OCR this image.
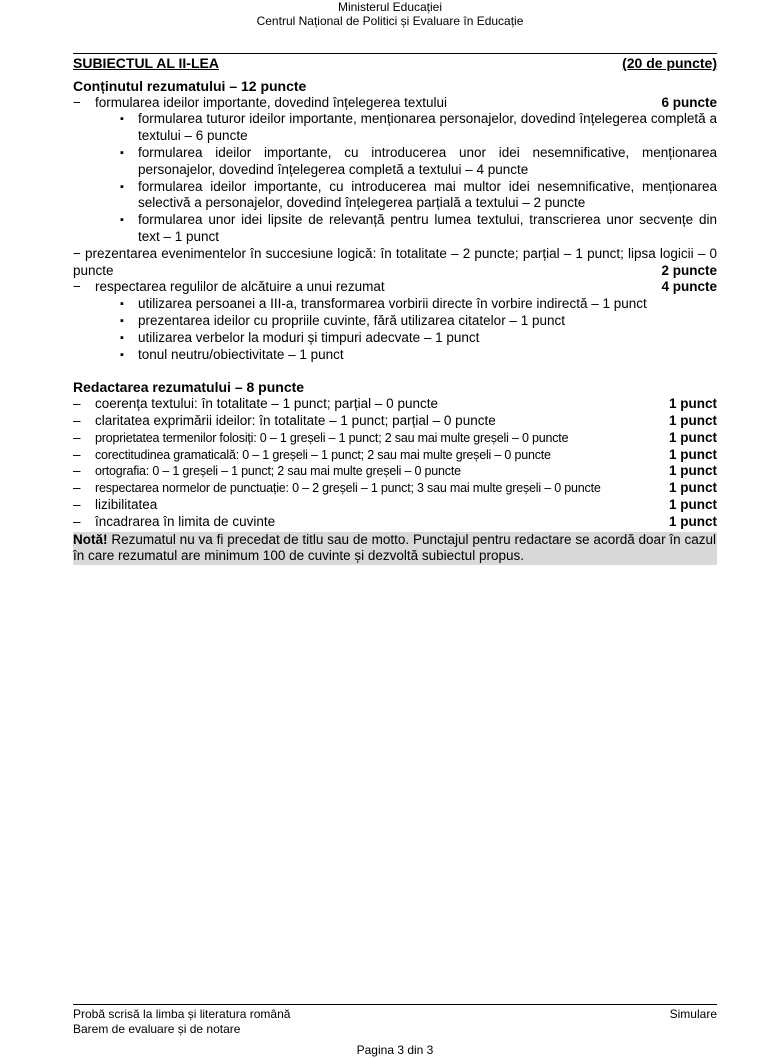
Ministerul Educației
Centrul Național de Politici și Evaluare în Educație
SUBIECTUL AL II-LEA	(20 de puncte)
Conținutul rezumatului – 12 puncte
−	formularea ideilor importante, dovedind înțelegerea textului	6 puncte
▪ formularea tuturor ideilor importante, menționarea personajelor, dovedind înțelegerea completă a textului – 6 puncte
▪ formularea ideilor importante, cu introducerea unor idei nesemnificative, menționarea personajelor, dovedind înțelegerea completă a textului – 4 puncte
▪ formularea ideilor importante, cu introducerea mai multor idei nesemnificative, menționarea selectivă a personajelor, dovedind înțelegerea parțială a textului – 2 puncte
▪ formularea unor idei lipsite de relevanță pentru lumea textului, transcrierea unor secvențe din text – 1 punct
− prezentarea evenimentelor în succesiune logică: în totalitate – 2 puncte; parțial – 1 punct; lipsa logicii – 0 puncte	2 puncte
−	respectarea regulilor de alcătuire a unui rezumat	4 puncte
▪ utilizarea persoanei a III-a, transformarea vorbirii directe în vorbire indirectă – 1 punct
▪ prezentarea ideilor cu propriile cuvinte, fără utilizarea citatelor – 1 punct
▪ utilizarea verbelor la moduri și timpuri adecvate – 1 punct
▪ tonul neutru/obiectivitate – 1 punct
Redactarea rezumatului – 8 puncte
–	coerența textului: în totalitate – 1 punct; parțial – 0 puncte	1 punct
–	claritatea exprimării ideilor: în totalitate – 1 punct; parțial – 0 puncte	1 punct
–	proprietatea termenilor folosiți: 0 – 1 greșeli – 1 punct; 2 sau mai multe greșeli – 0 puncte	1 punct
–	corectitudinea gramaticală: 0 – 1 greșeli – 1 punct; 2 sau mai multe greșeli – 0 puncte	1 punct
–	ortografia: 0 – 1 greșeli – 1 punct; 2 sau mai multe greșeli – 0 puncte	1 punct
–	respectarea normelor de punctuație: 0 – 2 greșeli – 1 punct; 3 sau mai multe greșeli – 0 puncte	1 punct
–	lizibilitatea	1 punct
–	încadrarea în limita de cuvinte	1 punct
Notă! Rezumatul nu va fi precedat de titlu sau de motto. Punctajul pentru redactare se acordă doar în cazul în care rezumatul are minimum 100 de cuvinte și dezvoltă subiectul propus.
Probă scrisă la limba și literatura română	Simulare
Barem de evaluare și de notare
Pagina 3 din 3
